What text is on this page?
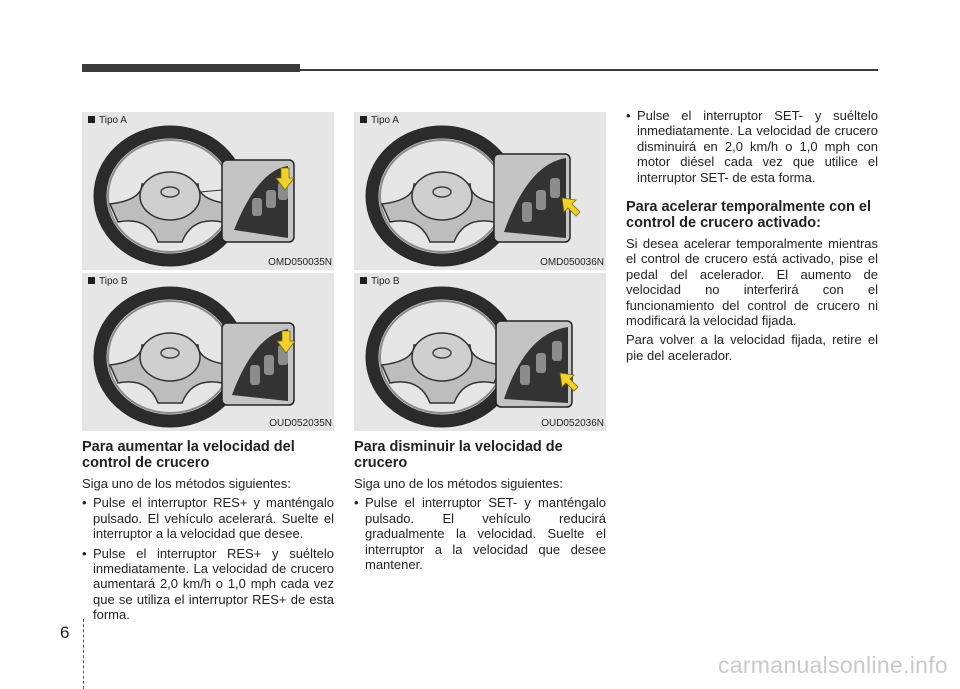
Tipo A
OMD050035N
Tipo B
OUD052035N
Para aumentar la velocidad del control de crucero

Siga uno de los métodos siguientes:

• Pulse el interruptor RES+ y manténgalo pulsado. El vehículo acelerará. Suelte el interruptor a la velocidad que desee.
• Pulse el interruptor RES+ y suéltelo inmediatamente. La velocidad de crucero aumentará 2,0 km/h o 1,0 mph cada vez que se utiliza el interruptor RES+ de esta forma.
Tipo A
OMD050036N
Tipo B
OUD052036N
Para disminuir la velocidad de crucero

Siga uno de los métodos siguientes:

• Pulse el interruptor SET- y manténgalo pulsado. El vehículo reducirá gradualmente la velocidad. Suelte el interruptor a la velocidad que desee mantener.
• Pulse el interruptor SET- y suéltelo inmediatamente. La velocidad de crucero disminuirá en 2,0 km/h o 1,0 mph con motor diésel cada vez que utilice el interruptor SET- de esta forma.
Para acelerar temporalmente con el control de crucero activado:

Si desea acelerar temporalmente mientras el control de crucero está activado, pise el pedal del acelerador. El aumento de velocidad no interferirá con el funcionamiento del control de crucero ni modificará la velocidad fijada.

Para volver a la velocidad fijada, retire el pie del acelerador.

6
carmanualsonline.info
